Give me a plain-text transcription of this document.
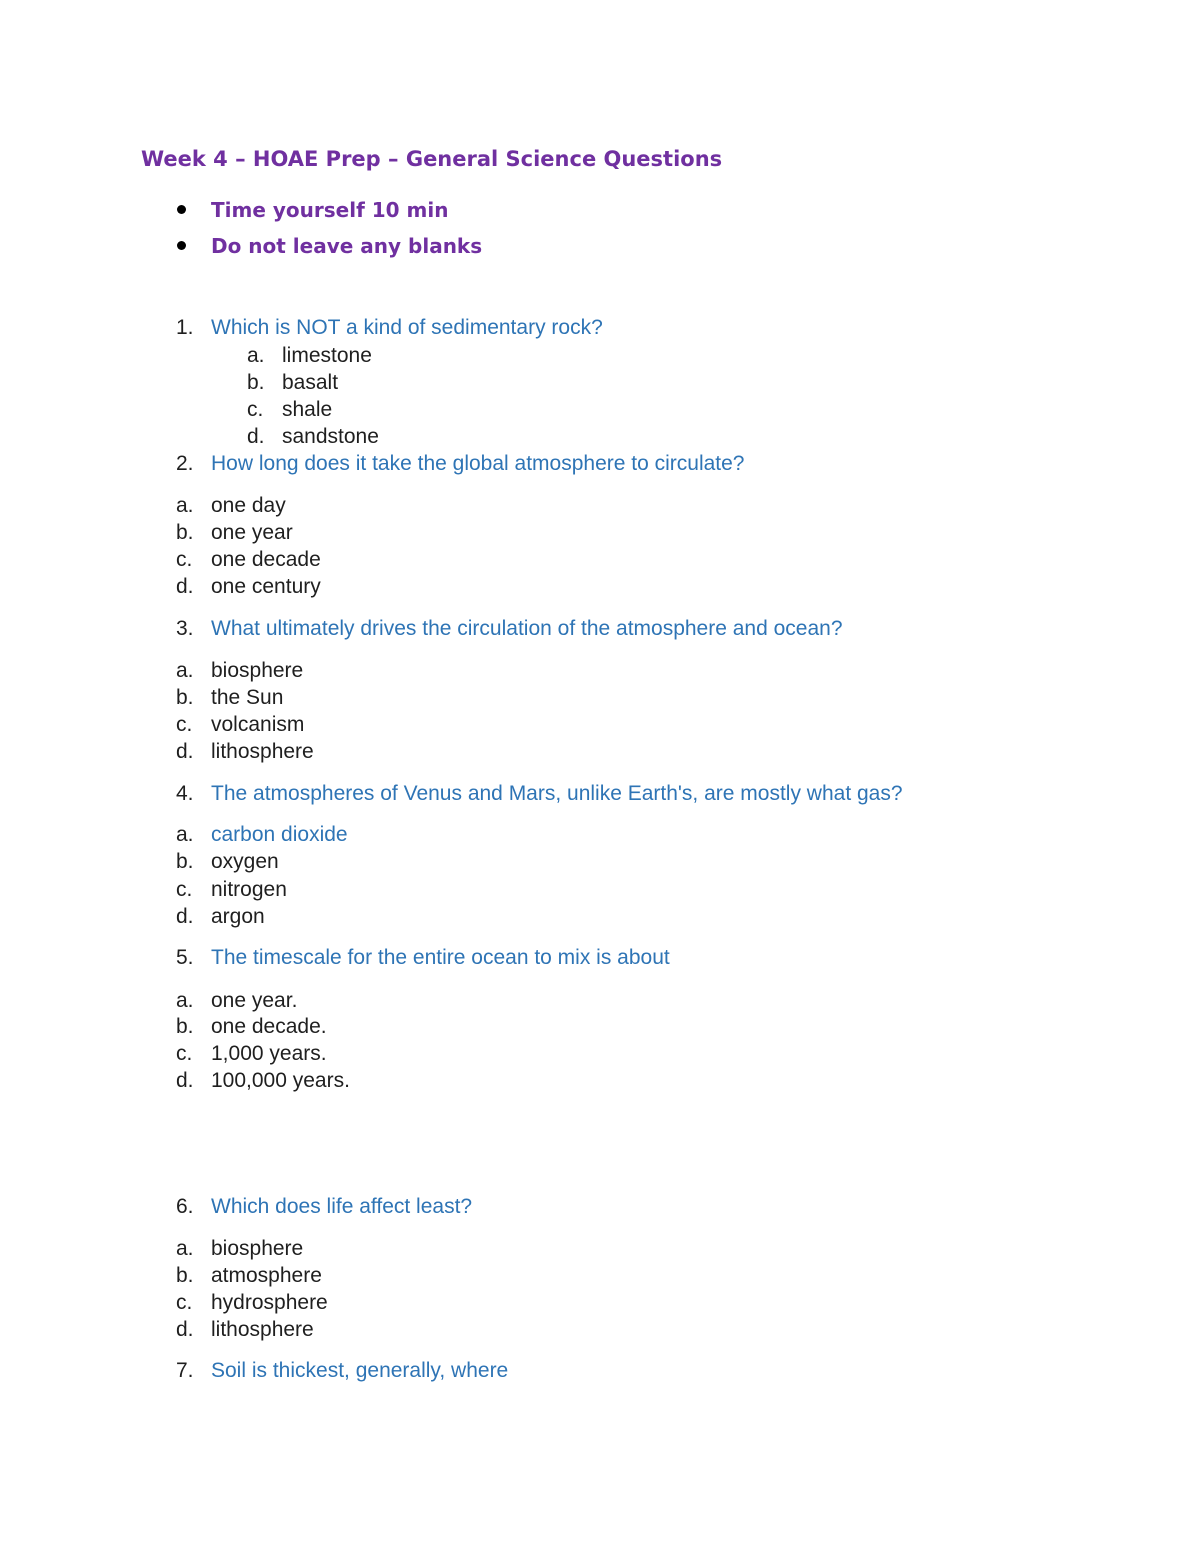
Week 4 – HOAE Prep – General Science Questions
Time yourself 10 min
Do not leave any blanks
1. Which is NOT a kind of sedimentary rock?
a. limestone
b. basalt
c. shale
d. sandstone
2. How long does it take the global atmosphere to circulate?
a. one day
b. one year
c. one decade
d. one century
3. What ultimately drives the circulation of the atmosphere and ocean?
a. biosphere
b. the Sun
c. volcanism
d. lithosphere
4. The atmospheres of Venus and Mars, unlike Earth's, are mostly what gas?
a. carbon dioxide
b. oxygen
c. nitrogen
d. argon
5. The timescale for the entire ocean to mix is about
a. one year.
b. one decade.
c. 1,000 years.
d. 100,000 years.
6. Which does life affect least?
a. biosphere
b. atmosphere
c. hydrosphere
d. lithosphere
7. Soil is thickest, generally, where
